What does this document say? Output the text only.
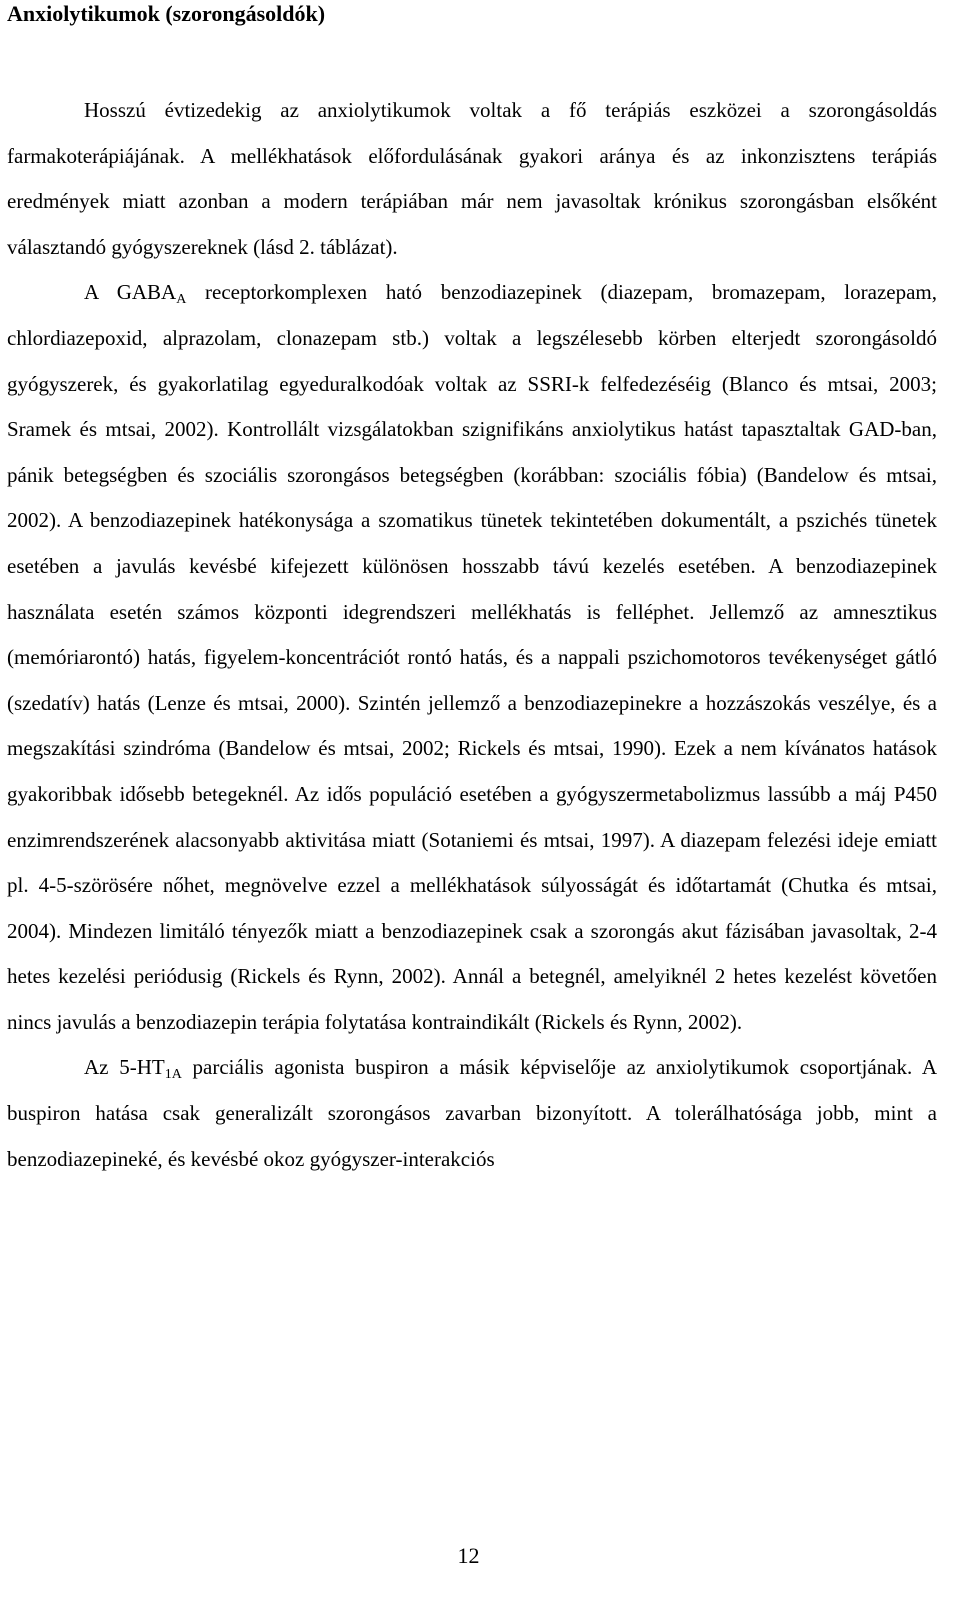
Anxiolytikumok (szorongásoldók)

Hosszú évtizedekig az anxiolytikumok voltak a fő terápiás eszközei a szorongásoldás farmakoterápiájának. A mellékhatások előfordulásának gyakori aránya és az inkonzisztens terápiás eredmények miatt azonban a modern terápiában már nem javasoltak krónikus szorongásban elsőként választandó gyógyszereknek (lásd 2. táblázat).

A $GABA_A$ receptorkomplexen ható benzodiazepinek (diazepam, bromazepam, lorazepam, chlordiazepoxid, alprazolam, clonazepam stb.) voltak a legszélesebb körben elterjedt szorongásoldó gyógyszerek, és gyakorlatilag egyeduralkodóak voltak az SSRI-k felfedezéséig (Blanco és mtsai, 2003; Sramek és mtsai, 2002). Kontrollált vizsgálatokban szignifikáns anxiolytikus hatást tapasztaltak GAD-ban, pánik betegségben és szociális szorongásos betegségben (korábban: szociális fóbia) (Bandelow és mtsai, 2002). A benzodiazepinek hatékonysága a szomatikus tünetek tekintetében dokumentált, a pszichés tünetek esetében a javulás kevésbé kifejezett különösen hosszabb távú kezelés esetében. A benzodiazepinek használata esetén számos központi idegrendszeri mellékhatás is felléphet. Jellemző az amnesztikus (memóriarontó) hatás, figyelem-koncentrációt rontó hatás, és a nappali pszichomotoros tevékenységet gátló (szedatív) hatás (Lenze és mtsai, 2000). Szintén jellemző a benzodiazepinekre a hozzászokás veszélye, és a megszakítási szindróma (Bandelow és mtsai, 2002; Rickels és mtsai, 1990). Ezek a nem kívánatos hatások gyakoribbak idősebb betegeknél. Az idős populáció esetében a gyógyszermetabolizmus lassúbb a máj P450 enzimrendszerének alacsonyabb aktivitása miatt (Sotaniemi és mtsai, 1997). A diazepam felezési ideje emiatt pl. 4-5-szörösére nőhet, megnövelve ezzel a mellékhatások súlyosságát és időtartamát (Chutka és mtsai, 2004). Mindezen limitáló tényezők miatt a benzodiazepinek csak a szorongás akut fázisában javasoltak, 2-4 hetes kezelési periódusig (Rickels és Rynn, 2002). Annál a betegnél, amelyiknél 2 hetes kezelést követően nincs javulás a benzodiazepin terápia folytatása kontraindikált (Rickels és Rynn, 2002).

Az $5-HT_{1A}$ parciális agonista buspiron a másik képviselője az anxiolytikumok csoportjának. A buspiron hatása csak generalizált szorongásos zavarban bizonyított. A tolerálhatósága jobb, mint a benzodiazepineké, és kevésbé okoz gyógyszer-interakciós

12
